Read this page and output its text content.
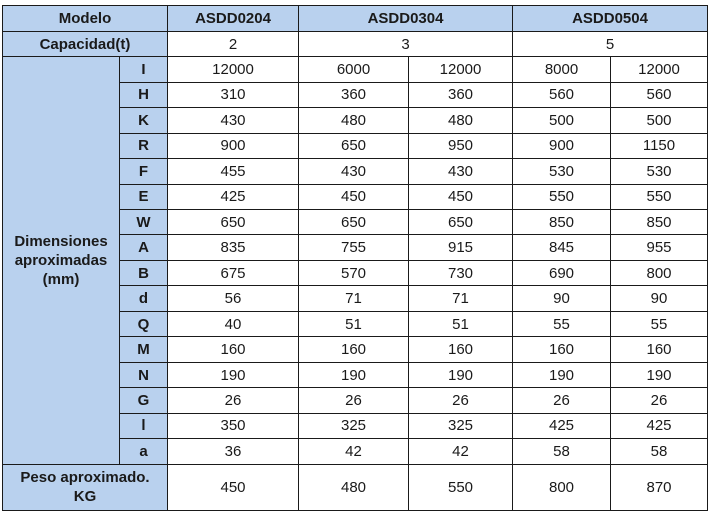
Modelo		ASDD0204	ASDD0304		ASDD0504	
Capacidad(t)		2	3		5	

Dimensiones
aproximadas
(mm)	I	12000	6000	12000	8000	12000
	H	310	360	360	560	560
	K	430	480	480	500	500
	R	900	650	950	900	1150
	F	455	430	430	530	530
	E	425	450	450	550	550
	W	650	650	650	850	850
	A	835	755	915	845	955
	B	675	570	730	690	800
	d	56	71	71	90	90
	Q	40	51	51	55	55
	M	160	160	160	160	160
	N	190	190	190	190	190
	G	26	26	26	26	26
	l	350	325	325	425	425
	a	36	42	42	58	58

Peso aproximado.
KG		450	480	550	800	870
